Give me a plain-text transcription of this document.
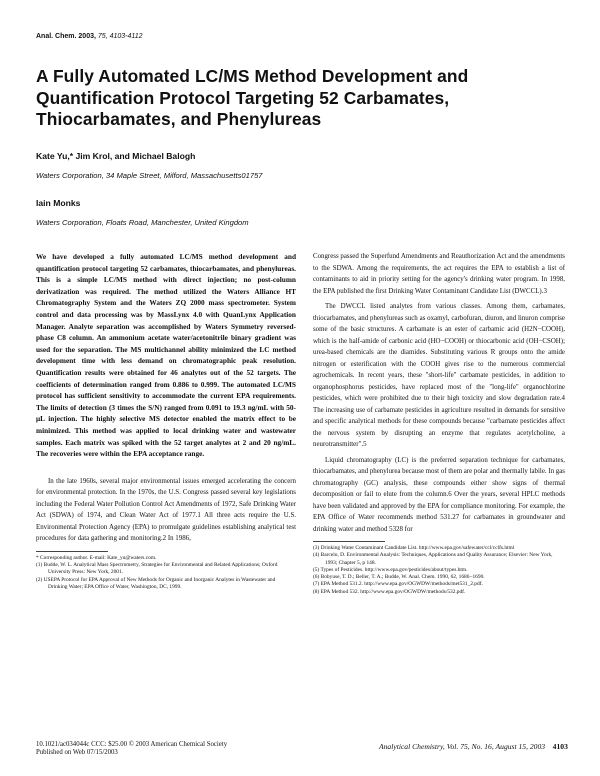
Anal. Chem. 2003, 75, 4103-4112
A Fully Automated LC/MS Method Development and Quantification Protocol Targeting 52 Carbamates, Thiocarbamates, and Phenylureas
Kate Yu,* Jim Krol, and Michael Balogh
Waters Corporation, 34 Maple Street, Milford, Massachusetts01757
Iain Monks
Waters Corporation, Floats Road, Manchester, United Kingdom

We have developed a fully automated LC/MS method development and quantification protocol targeting 52 carbamates, thiocarbamates, and phenylureas. This is a simple LC/MS method with direct injection; no post-column derivatization was required. The method utilized the Waters Alliance HT Chromatography System and the Waters ZQ 2000 mass spectrometer. System control and data processing was by MassLynx 4.0 with QuanLynx Application Manager. Analyte separation was accomplished by Waters Symmetry reversed-phase C8 column. An ammonium acetate water/acetonitrile binary gradient was used for the separation. The MS multichannel ability minimized the LC method development time with less demand on chromatographic peak resolution. Quantification results were obtained for 46 analytes out of the 52 targets. The coefficients of determination ranged from 0.886 to 0.999. The automated LC/MS protocol has sufficient sensitivity to accommodate the current EPA requirements. The limits of detection (3 times the S/N) ranged from 0.091 to 19.3 ng/mL with 50-μL injection. The highly selective MS detector enabled the matrix effect to be minimized. This method was applied to local drinking water and wastewater samples. Each matrix was spiked with the 52 target analytes at 2 and 20 ng/mL. The recoveries were within the EPA acceptance range.

In the late 1960s, several major environmental issues emerged accelerating the concern for environmental protection. In the 1970s, the U.S. Congress passed several key legislations including the Federal Water Pollution Control Act Amendments of 1972, Safe Drinking Water Act (SDWA) of 1974, and Clean Water Act of 1977.1 All three acts require the U.S. Environmental Protection Agency (EPA) to promulgate guidelines establishing analytical test procedures for data gathering and monitoring.2 In 1986,

* Corresponding author. E-mail: Kate_yu@waters.com.
(1) Budde, W. L. Analytical Mass Spectrometry, Strategies for Environmental and Related Applications; Oxford University Press: New York, 2001.
(2) USEPA Protocol for EPA Approval of New Methods for Organic and Inorganic Analytes in Wastewater and Drinking Water; EPA Office of Water, Washington, DC, 1999.

Congress passed the Superfund Amendments and Reauthorization Act and the amendments to the SDWA. Among the requirements, the act requires the EPA to establish a list of contaminants to aid in priority setting for the agency's drinking water program. In 1998, the EPA published the first Drinking Water Contaminant Candidate List (DWCCL).3

The DWCCL listed analytes from various classes. Among them, carbamates, thiocarbamates, and phenylureas such as oxamyl, carbofuran, diuron, and linuron comprise some of the basic structures. A carbamate is an ester of carbamic acid (H2N−COOH), which is the half-amide of carbonic acid (HO−COOH) or thiocarbonic acid (OH−CSOH); urea-based chemicals are the diamides. Substituting various R groups onto the amide nitrogen or esterification with the COOH gives rise to the numerous commercial agrochemicals. In recent years, these "short-life" carbamate pesticides, in addition to organophosphorus pesticides, have replaced most of the "long-life" organochlorine pesticides, which were prohibited due to their high toxicity and slow degradation rate.4 The increasing use of carbamate pesticides in agriculture resulted in demands for sensitive and specific analytical methods for these compounds because "carbamate pesticides affect the nervous system by disrupting an enzyme that regulates acetylcholine, a neurotransmitter".5

Liquid chromatography (LC) is the preferred separation technique for carbamates, thiocarbamates, and phenylurea because most of them are polar and thermally labile. In gas chromatography (GC) analysis, these compounds either show signs of thermal decomposition or fail to elute from the column.6 Over the years, several HPLC methods have been validated and approved by the EPA for compliance monitoring. For example, the EPA Office of Water recommends method 531.27 for carbamates in groundwater and drinking water and method 5328 for

(3) Drinking Water Contaminant Candidate List. http://www.epa.gov/safewater/ccl/cclfs.html
(4) Barcelo, D. Environmental Analysis: Techniques, Applications and Quality Assurance; Elsevier: New York, 1993; Chapter 5, p 148.
(5) Types of Pesticides. http://www.epa.gov/pesticides/about/types.htm.
(6) Bobyuse, T. D.; Beller, T. A.; Budde, W. Anal. Chem. 1990, 62, 1686−1690.
(7) EPA Method 531.2. http://www.epa.gov/OGWDW/methods/met531_2.pdf.
(8) EPA Method 532. http://www.epa.gov/OGWDW/methods/532.pdf.
10.1021/ac034044c CCC: $25.00 © 2003 American Chemical Society
Published on Web 07/15/2003
Analytical Chemistry, Vol. 75, No. 16, August 15, 2003 4103
